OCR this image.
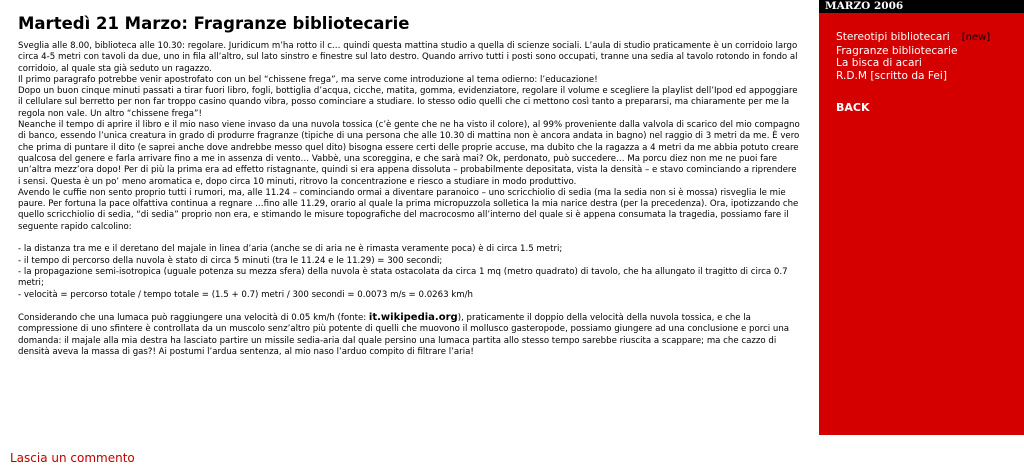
Martedì 21 Marzo: Fragranze bibliotecarie

Sveglia alle 8.00, biblioteca alle 10.30: regolare. Juridicum m’ha rotto il c… quindi questa mattina studio a quella di scienze sociali. L’aula di studio praticamente è un corridoio largo circa 4-5 metri con tavoli da due, uno in fila all’altro, sul lato sinstro e finestre sul lato destro. Quando arrivo tutti i posti sono occupati, tranne una sedia al tavolo rotondo in fondo al corridoio, al quale sta già seduto un ragazzo.

Il primo paragrafo potrebbe venir apostrofato con un bel “chissene frega”, ma serve come introduzione al tema odierno: l’educazione!

Dopo un buon cinque minuti passati a tirar fuori libro, fogli, bottiglia d’acqua, cicche, matita, gomma, evidenziatore, regolare il volume e scegliere la playlist dell’Ipod ed appoggiare il cellulare sul berretto per non far troppo casino quando vibra, posso cominciare a studiare. Io stesso odio quelli che ci mettono così tanto a prepararsi, ma chiaramente per me la regola non vale. Un altro “chissene frega”!

Neanche il tempo di aprire il libro e il mio naso viene invaso da una nuvola tossica (c’è gente che ne ha visto il colore), al 99% proveniente dalla valvola di scarico del mio compagno di banco, essendo l’unica creatura in grado di produrre fragranze (tipiche di una persona che alle 10.30 di mattina non è ancora andata in bagno) nel raggio di 3 metri da me. È vero che prima di puntare il dito (e saprei anche dove andrebbe messo quel dito) bisogna essere certi delle proprie accuse, ma dubito che la ragazza a 4 metri da me abbia potuto creare qualcosa del genere e farla arrivare fino a me in assenza di vento… Vabbè, una scoreggina, e che sarà mai? Ok, perdonato, può succedere… Ma porcu diez non me ne puoi fare un’altra mezz’ora dopo! Per di più la prima era ad effetto ristagnante, quindi si era appena dissoluta – probabilmente depositata, vista la densità – e stavo cominciando a riprendere i sensi. Questa è un po’ meno aromatica e, dopo circa 10 minuti, ritrovo la concentrazione e riesco a studiare in modo produttivo.

Avendo le cuffie non sento proprio tutti i rumori, ma, alle 11.24 – cominciando ormai a diventare paranoico – uno scricchiolio di sedia (ma la sedia non si è mossa) risveglia le mie paure. Per fortuna la pace olfattiva continua a regnare …fino alle 11.29, orario al quale la prima micropuzzola solletica la mia narice destra (per la precedenza). Ora, ipotizzando che quello scricchiolio di sedia, “di sedia” proprio non era, e stimando le misure topografiche del macrocosmo all’interno del quale si è appena consumata la tragedia, possiamo fare il seguente rapido calcolino:

- la distanza tra me e il deretano del majale in linea d’aria (anche se di aria ne è rimasta veramente poca) è di circa 1.5 metri;

- il tempo di percorso della nuvola è stato di circa 5 minuti (tra le 11.24 e le 11.29) = 300 secondi;

- la propagazione semi-isotropica (uguale potenza su mezza sfera) della nuvola è stata ostacolata da circa 1 mq (metro quadrato) di tavolo, che ha allungato il tragitto di circa 0.7 metri;

- velocità = percorso totale / tempo totale = (1.5 + 0.7) metri / 300 secondi = 0.0073 m/s = 0.0263 km/h

Considerando che una lumaca può raggiungere una velocità di 0.05 km/h (fonte: it.wikipedia.org), praticamente il doppio della velocità della nuvola tossica, e che la compressione di uno sfintere è controllata da un muscolo senz’altro più potente di quelli che muovono il mollusco gasteropode, possiamo giungere ad una conclusione e porci una domanda: il majale alla mia destra ha lasciato partire un missile sedia-aria dal quale persino una lumaca partita allo stesso tempo sarebbe riuscita a scappare; ma che cazzo di densità aveva la massa di gas?! Ai postumi l’ardua sentenza, al mio naso l’arduo compito di filtrare l’aria!

Lascia un commento
MARZO 2006
Stereotipi bibliotecari [new]
Fragranze bibliotecarie
La bisca di acari
R.D.M [scritto da Fei]
BACK
